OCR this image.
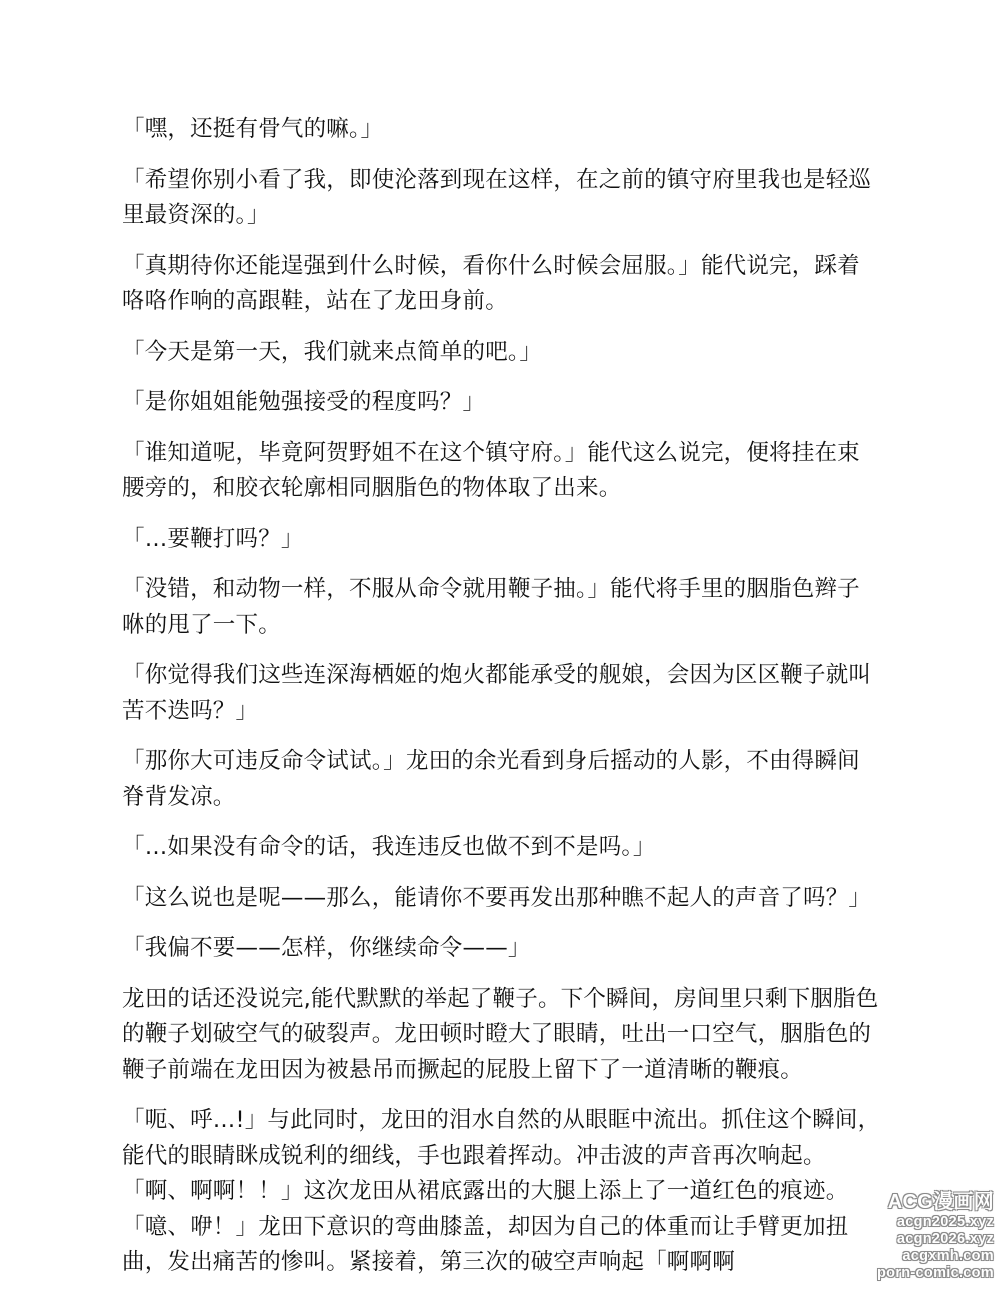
「嘿，还挺有骨气的嘛。」

「希望你别小看了我，即使沦落到现在这样，在之前的镇守府里我也是轻巡里最资深的。」

「真期待你还能逞强到什么时候，看你什么时候会屈服。」能代说完，踩着咯咯作响的高跟鞋，站在了龙田身前。

「今天是第一天，我们就来点简单的吧。」

「是你姐姐能勉强接受的程度吗？」

「谁知道呢，毕竟阿贺野姐不在这个镇守府。」能代这么说完，便将挂在束腰旁的，和胶衣轮廓相同胭脂色的物体取了出来。

「…要鞭打吗？」

「没错，和动物一样，不服从命令就用鞭子抽。」能代将手里的胭脂色辫子咻的甩了一下。

「你觉得我们这些连深海栖姬的炮火都能承受的舰娘，会因为区区鞭子就叫苦不迭吗？」

「那你大可违反命令试试。」龙田的余光看到身后摇动的人影，不由得瞬间脊背发凉。

「…如果没有命令的话，我连违反也做不到不是吗。」

「这么说也是呢——那么，能请你不要再发出那种瞧不起人的声音了吗？」

「我偏不要——怎样，你继续命令——」

龙田的话还没说完,能代默默的举起了鞭子。下个瞬间，房间里只剩下胭脂色的鞭子划破空气的破裂声。龙田顿时瞪大了眼睛，吐出一口空气，胭脂色的鞭子前端在龙田因为被悬吊而撅起的屁股上留下了一道清晰的鞭痕。

「呃、呼…!」与此同时，龙田的泪水自然的从眼眶中流出。抓住这个瞬间，能代的眼睛眯成锐利的细线，手也跟着挥动。冲击波的声音再次响起。「啊、啊啊！！」这次龙田从裙底露出的大腿上添上了一道红色的痕迹。「噫、咿！」龙田下意识的弯曲膝盖，却因为自己的体重而让手臂更加扭曲，发出痛苦的惨叫。紧接着，第三次的破空声响起「啊啊啊

ACG漫画网
acgn2025.xyz
acgn2026.xyz
acgxmh.com
porn-comic.com
